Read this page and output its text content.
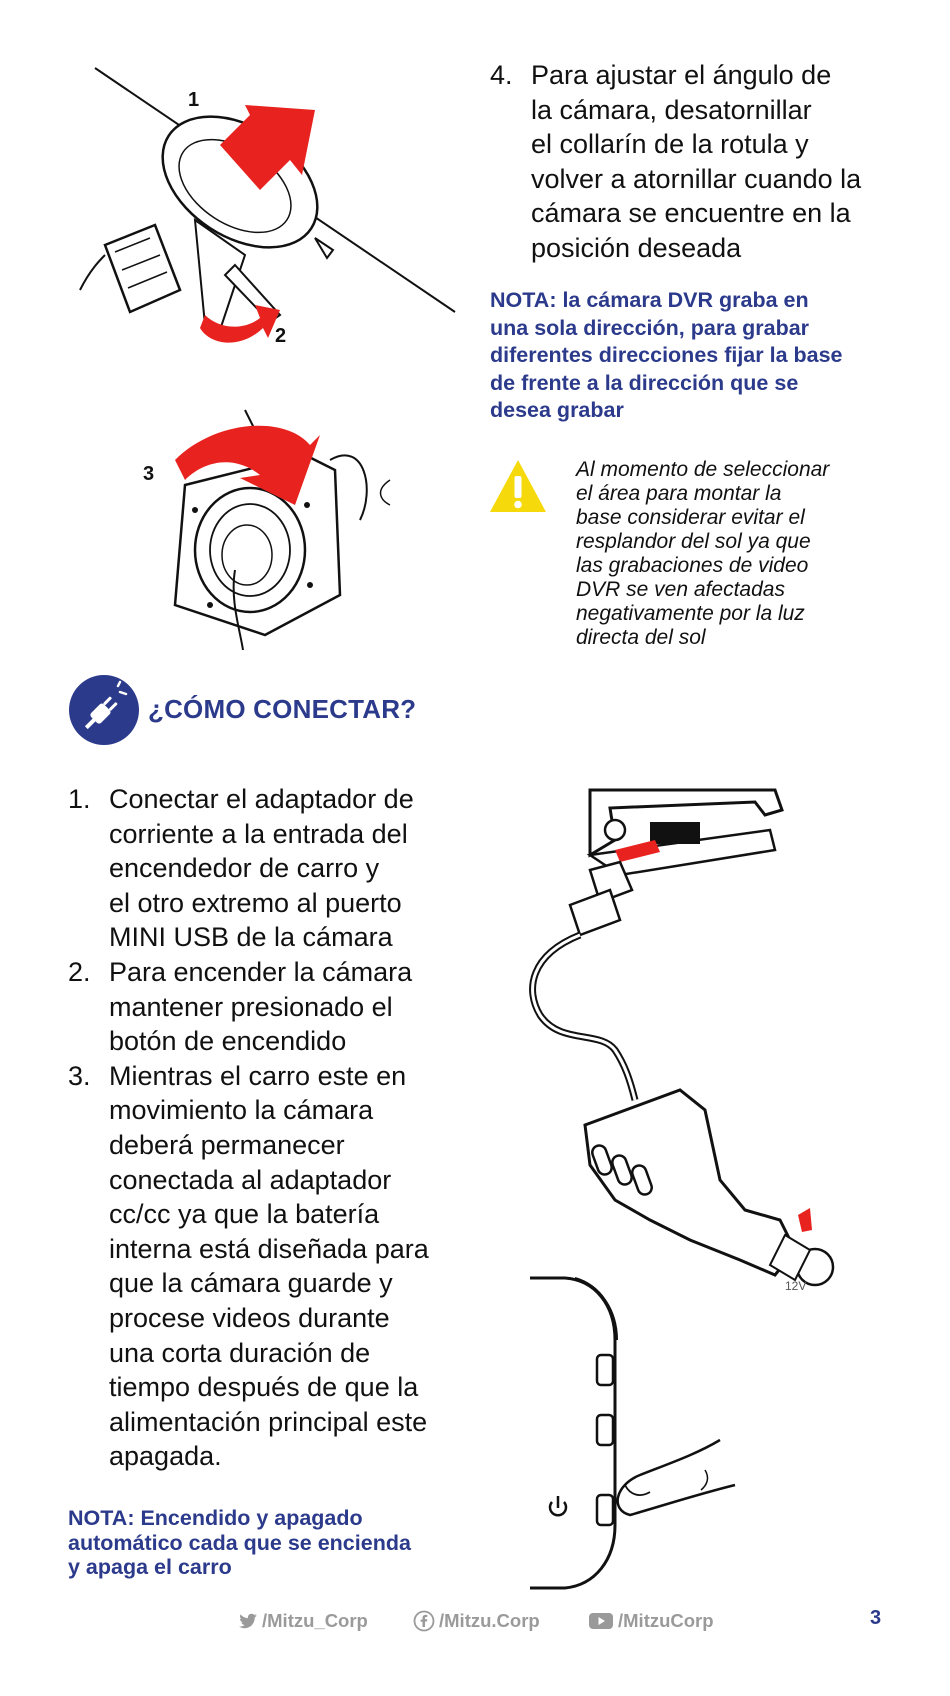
1
2
3
4. Para ajustar el ángulo de
la cámara, desatornillar
el collarín de la rotula y
volver a atornillar cuando la
cámara se encuentre en la
posición deseada
NOTA: la cámara DVR graba en
una sola dirección, para grabar
diferentes direcciones fijar la base
de frente a la dirección que se
desea grabar
Al momento de seleccionar
el área para montar la
base considerar evitar el
resplandor del sol ya que
las grabaciones de video
DVR se ven afectadas
negativamente por la luz
directa del sol
¿CÓMO CONECTAR?
1. Conectar el adaptador de
corriente a la entrada del
encendedor de carro y
el otro extremo al puerto
MINI USB de la cámara
2. Para encender la cámara
mantener presionado el
botón de encendido
3. Mientras el carro este en
movimiento la cámara
deberá permanecer
conectada al adaptador
cc/cc ya que la batería
interna está diseñada para
que la cámara guarde y
procese videos durante
una corta duración de
tiempo después de que la
alimentación principal este
apagada.
NOTA: Encendido y apagado
automático cada que se encienda
y apaga el carro
12V
/Mitzu_Corp	/Mitzu.Corp	/MitzuCorp	3
